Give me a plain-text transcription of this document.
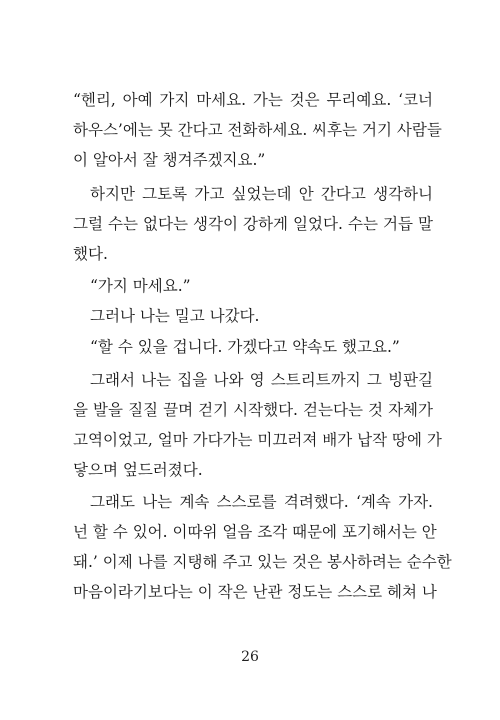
“헨리, 아예 가지 마세요. 가는 것은 무리예요. ‘코너
하우스’에는 못 간다고 전화하세요. 씨후는 거기 사람들
이 알아서 잘 챙겨주겠지요.”
하지만 그토록 가고 싶었는데 안 간다고 생각하니
그럴 수는 없다는 생각이 강하게 일었다. 수는 거듭 말
했다.
“가지 마세요.”
그러나 나는 밀고 나갔다.
“할 수 있을 겁니다. 가겠다고 약속도 했고요.”
그래서 나는 집을 나와 영 스트리트까지 그 빙판길
을 발을 질질 끌며 걷기 시작했다. 걷는다는 것 자체가
고역이었고, 얼마 가다가는 미끄러져 배가 납작 땅에 가
닿으며 엎드러졌다.
그래도 나는 계속 스스로를 격려했다. ‘계속 가자.
넌 할 수 있어. 이따위 얼음 조각 때문에 포기해서는 안
돼.’ 이제 나를 지탱해 주고 있는 것은 봉사하려는 순수한
마음이라기보다는 이 작은 난관 정도는 스스로 헤쳐 나
26
